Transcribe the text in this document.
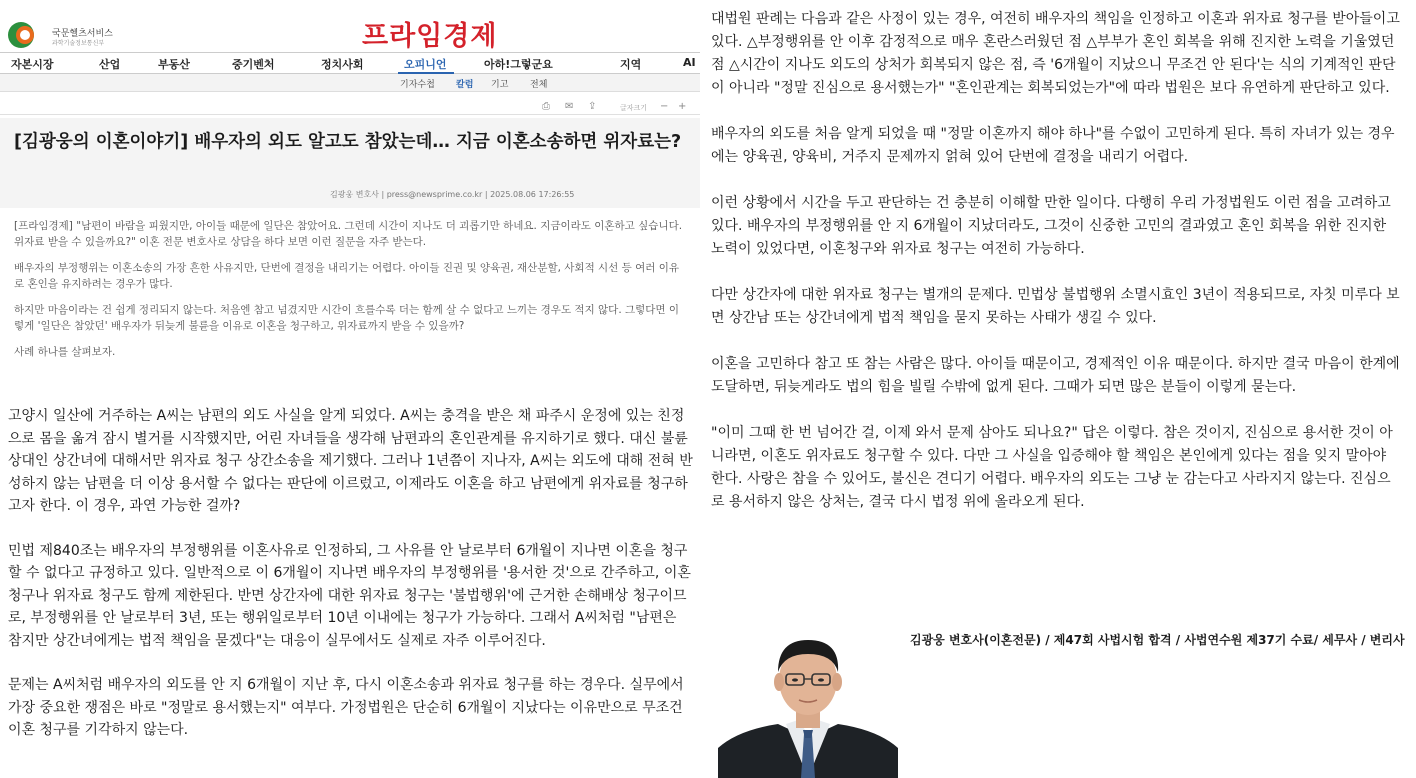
국문헬츠서비스
과학기술정보통신부	프라임경제
자본시장	산업	부동산	중기벤처	정치사회	오피니언	아하!그렇군요	지역	AI
기자수첩 칼럼 기고 전체
⎙ ✉ ⇪	글자크기 − +
[김광웅의 이혼이야기] 배우자의 외도 알고도 참았는데… 지금 이혼소송하면 위자료는?
김광웅 변호사 | press@newsprime.co.kr | 2025.08.06 17:26:55

[프라임경제] "남편이 바람을 피웠지만, 아이들 때문에 일단은 참았어요. 그런데 시간이 지나도 더 괴롭기만 하네요. 지금이라도 이혼하고 싶습니다. 위자료 받을 수 있을까요?" 이혼 전문 변호사로 상담을 하다 보면 이런 질문을 자주 받는다.

배우자의 부정행위는 이혼소송의 가장 흔한 사유지만, 단번에 결정을 내리기는 어렵다. 아이들 진권 및 양육권, 재산분할, 사회적 시선 등 여러 이유로 혼인을 유지하려는 경우가 많다.

하지만 마음이라는 건 쉽게 정리되지 않는다. 처음엔 참고 넘겼지만 시간이 흐를수록 더는 함께 살 수 없다고 느끼는 경우도 적지 않다. 그렇다면 이렇게 '일단은 참았던' 배우자가 뒤늦게 불륜을 이유로 이혼을 청구하고, 위자료까지 받을 수 있을까?

사례 하나를 살펴보자.

고양시 일산에 거주하는 A씨는 남편의 외도 사실을 알게 되었다. A씨는 충격을 받은 채 파주시 운정에 있는 친정으로 몸을 옮겨 잠시 별거를 시작했지만, 어린 자녀들을 생각해 남편과의 혼인관계를 유지하기로 했다. 대신 불륜 상대인 상간녀에 대해서만 위자료 청구 상간소송을 제기했다. 그러나 1년쯤이 지나자, A씨는 외도에 대해 전혀 반성하지 않는 남편을 더 이상 용서할 수 없다는 판단에 이르렀고, 이제라도 이혼을 하고 남편에게 위자료를 청구하고자 한다. 이 경우, 과연 가능한 걸까?

민법 제840조는 배우자의 부정행위를 이혼사유로 인정하되, 그 사유를 안 날로부터 6개월이 지나면 이혼을 청구할 수 없다고 규정하고 있다. 일반적으로 이 6개월이 지나면 배우자의 부정행위를 '용서한 것'으로 간주하고, 이혼청구나 위자료 청구도 함께 제한된다. 반면 상간자에 대한 위자료 청구는 '불법행위'에 근거한 손해배상 청구이므로, 부정행위를 안 날로부터 3년, 또는 행위일로부터 10년 이내에는 청구가 가능하다. 그래서 A씨처럼 "남편은 참지만 상간녀에게는 법적 책임을 묻겠다"는 대응이 실무에서도 실제로 자주 이루어진다.

문제는 A씨처럼 배우자의 외도를 안 지 6개월이 지난 후, 다시 이혼소송과 위자료 청구를 하는 경우다. 실무에서 가장 중요한 쟁점은 바로 "정말로 용서했는지" 여부다. 가정법원은 단순히 6개월이 지났다는 이유만으로 무조건 이혼 청구를 기각하지 않는다.

대법원 판례는 다음과 같은 사정이 있는 경우, 여전히 배우자의 책임을 인정하고 이혼과 위자료 청구를 받아들이고 있다. △부정행위를 안 이후 감정적으로 매우 혼란스러웠던 점 △부부가 혼인 회복을 위해 진지한 노력을 기울였던 점 △시간이 지나도 외도의 상처가 회복되지 않은 점, 즉 '6개월이 지났으니 무조건 안 된다'는 식의 기계적인 판단이 아니라 "정말 진심으로 용서했는가" "혼인관계는 회복되었는가"에 따라 법원은 보다 유연하게 판단하고 있다.

배우자의 외도를 처음 알게 되었을 때 "정말 이혼까지 해야 하나"를 수없이 고민하게 된다. 특히 자녀가 있는 경우에는 양육권, 양육비, 거주지 문제까지 얽혀 있어 단번에 결정을 내리기 어렵다.

이런 상황에서 시간을 두고 판단하는 건 충분히 이해할 만한 일이다. 다행히 우리 가정법원도 이런 점을 고려하고 있다. 배우자의 부정행위를 안 지 6개월이 지났더라도, 그것이 신중한 고민의 결과였고 혼인 회복을 위한 진지한 노력이 있었다면, 이혼청구와 위자료 청구는 여전히 가능하다.

다만 상간자에 대한 위자료 청구는 별개의 문제다. 민법상 불법행위 소멸시효인 3년이 적용되므로, 자칫 미루다 보면 상간남 또는 상간녀에게 법적 책임을 묻지 못하는 사태가 생길 수 있다.

이혼을 고민하다 참고 또 참는 사람은 많다. 아이들 때문이고, 경제적인 이유 때문이다. 하지만 결국 마음이 한계에 도달하면, 뒤늦게라도 법의 힘을 빌릴 수밖에 없게 된다. 그때가 되면 많은 분들이 이렇게 묻는다.

"이미 그때 한 번 넘어간 걸, 이제 와서 문제 삼아도 되나요?" 답은 이렇다. 참은 것이지, 진심으로 용서한 것이 아니라면, 이혼도 위자료도 청구할 수 있다. 다만 그 사실을 입증해야 할 책임은 본인에게 있다는 점을 잊지 말아야 한다. 사랑은 참을 수 있어도, 불신은 견디기 어렵다. 배우자의 외도는 그냥 눈 감는다고 사라지지 않는다. 진심으로 용서하지 않은 상처는, 결국 다시 법정 위에 올라오게 된다.

김광웅 변호사(이혼전문) / 제47회 사법시험 합격 / 사법연수원 제37기 수료/ 세무사 / 변리사
